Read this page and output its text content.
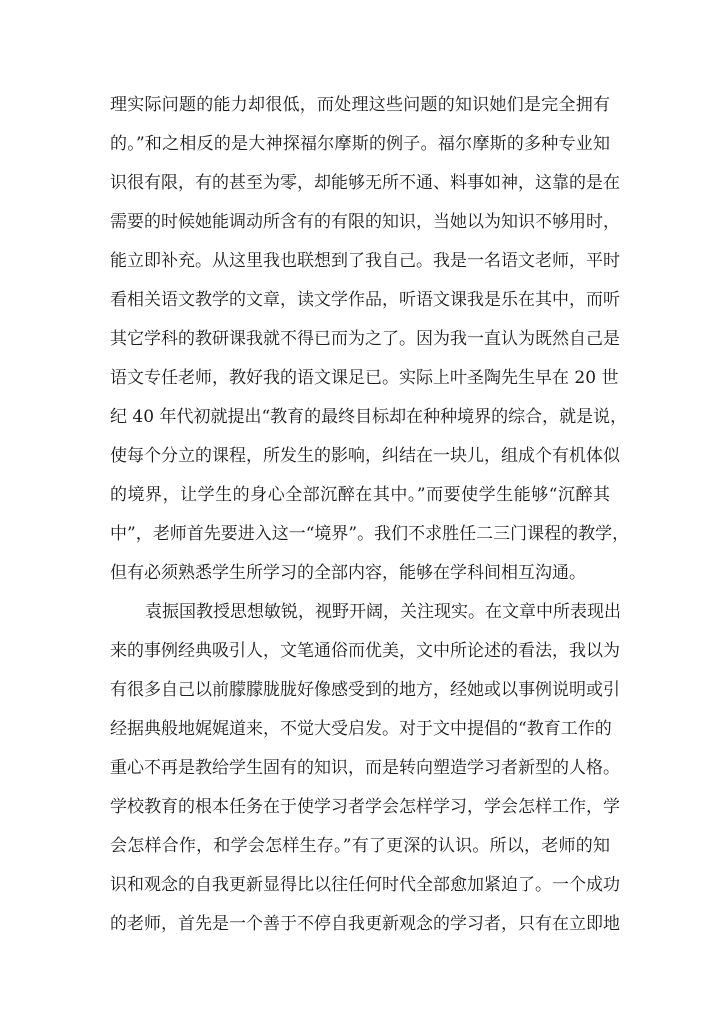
理实际问题的能力却很低，而处理这些问题的知识她们是完全拥有
的。”和之相反的是大神探福尔摩斯的例子。福尔摩斯的多种专业知
识很有限，有的甚至为零，却能够无所不通、料事如神，这靠的是在
需要的时候她能调动所含有的有限的知识，当她以为知识不够用时，
能立即补充。从这里我也联想到了我自己。我是一名语文老师，平时
看相关语文教学的文章，读文学作品，听语文课我是乐在其中，而听
其它学科的教研课我就不得已而为之了。因为我一直认为既然自己是
语文专任老师，教好我的语文课足已。实际上叶圣陶先生早在 20 世
纪 40 年代初就提出“教育的最终目标却在种种境界的综合，就是说，
使每个分立的课程，所发生的影响，纠结在一块儿，组成个有机体似
的境界，让学生的身心全部沉醉在其中。”而要使学生能够“沉醉其
中”，老师首先要进入这一“境界”。我们不求胜任二三门课程的教学，
但有必须熟悉学生所学习的全部内容，能够在学科间相互沟通。
袁振国教授思想敏锐，视野开阔，关注现实。在文章中所表现出
来的事例经典吸引人，文笔通俗而优美，文中所论述的看法，我以为
有很多自己以前朦朦胧胧好像感受到的地方，经她或以事例说明或引
经据典般地娓娓道来，不觉大受启发。对于文中提倡的“教育工作的
重心不再是教给学生固有的知识，而是转向塑造学习者新型的人格。
学校教育的根本任务在于使学习者学会怎样学习，学会怎样工作，学
会怎样合作，和学会怎样生存。”有了更深的认识。所以，老师的知
识和观念的自我更新显得比以往任何时代全部愈加紧迫了。一个成功
的老师，首先是一个善于不停自我更新观念的学习者，只有在立即地
